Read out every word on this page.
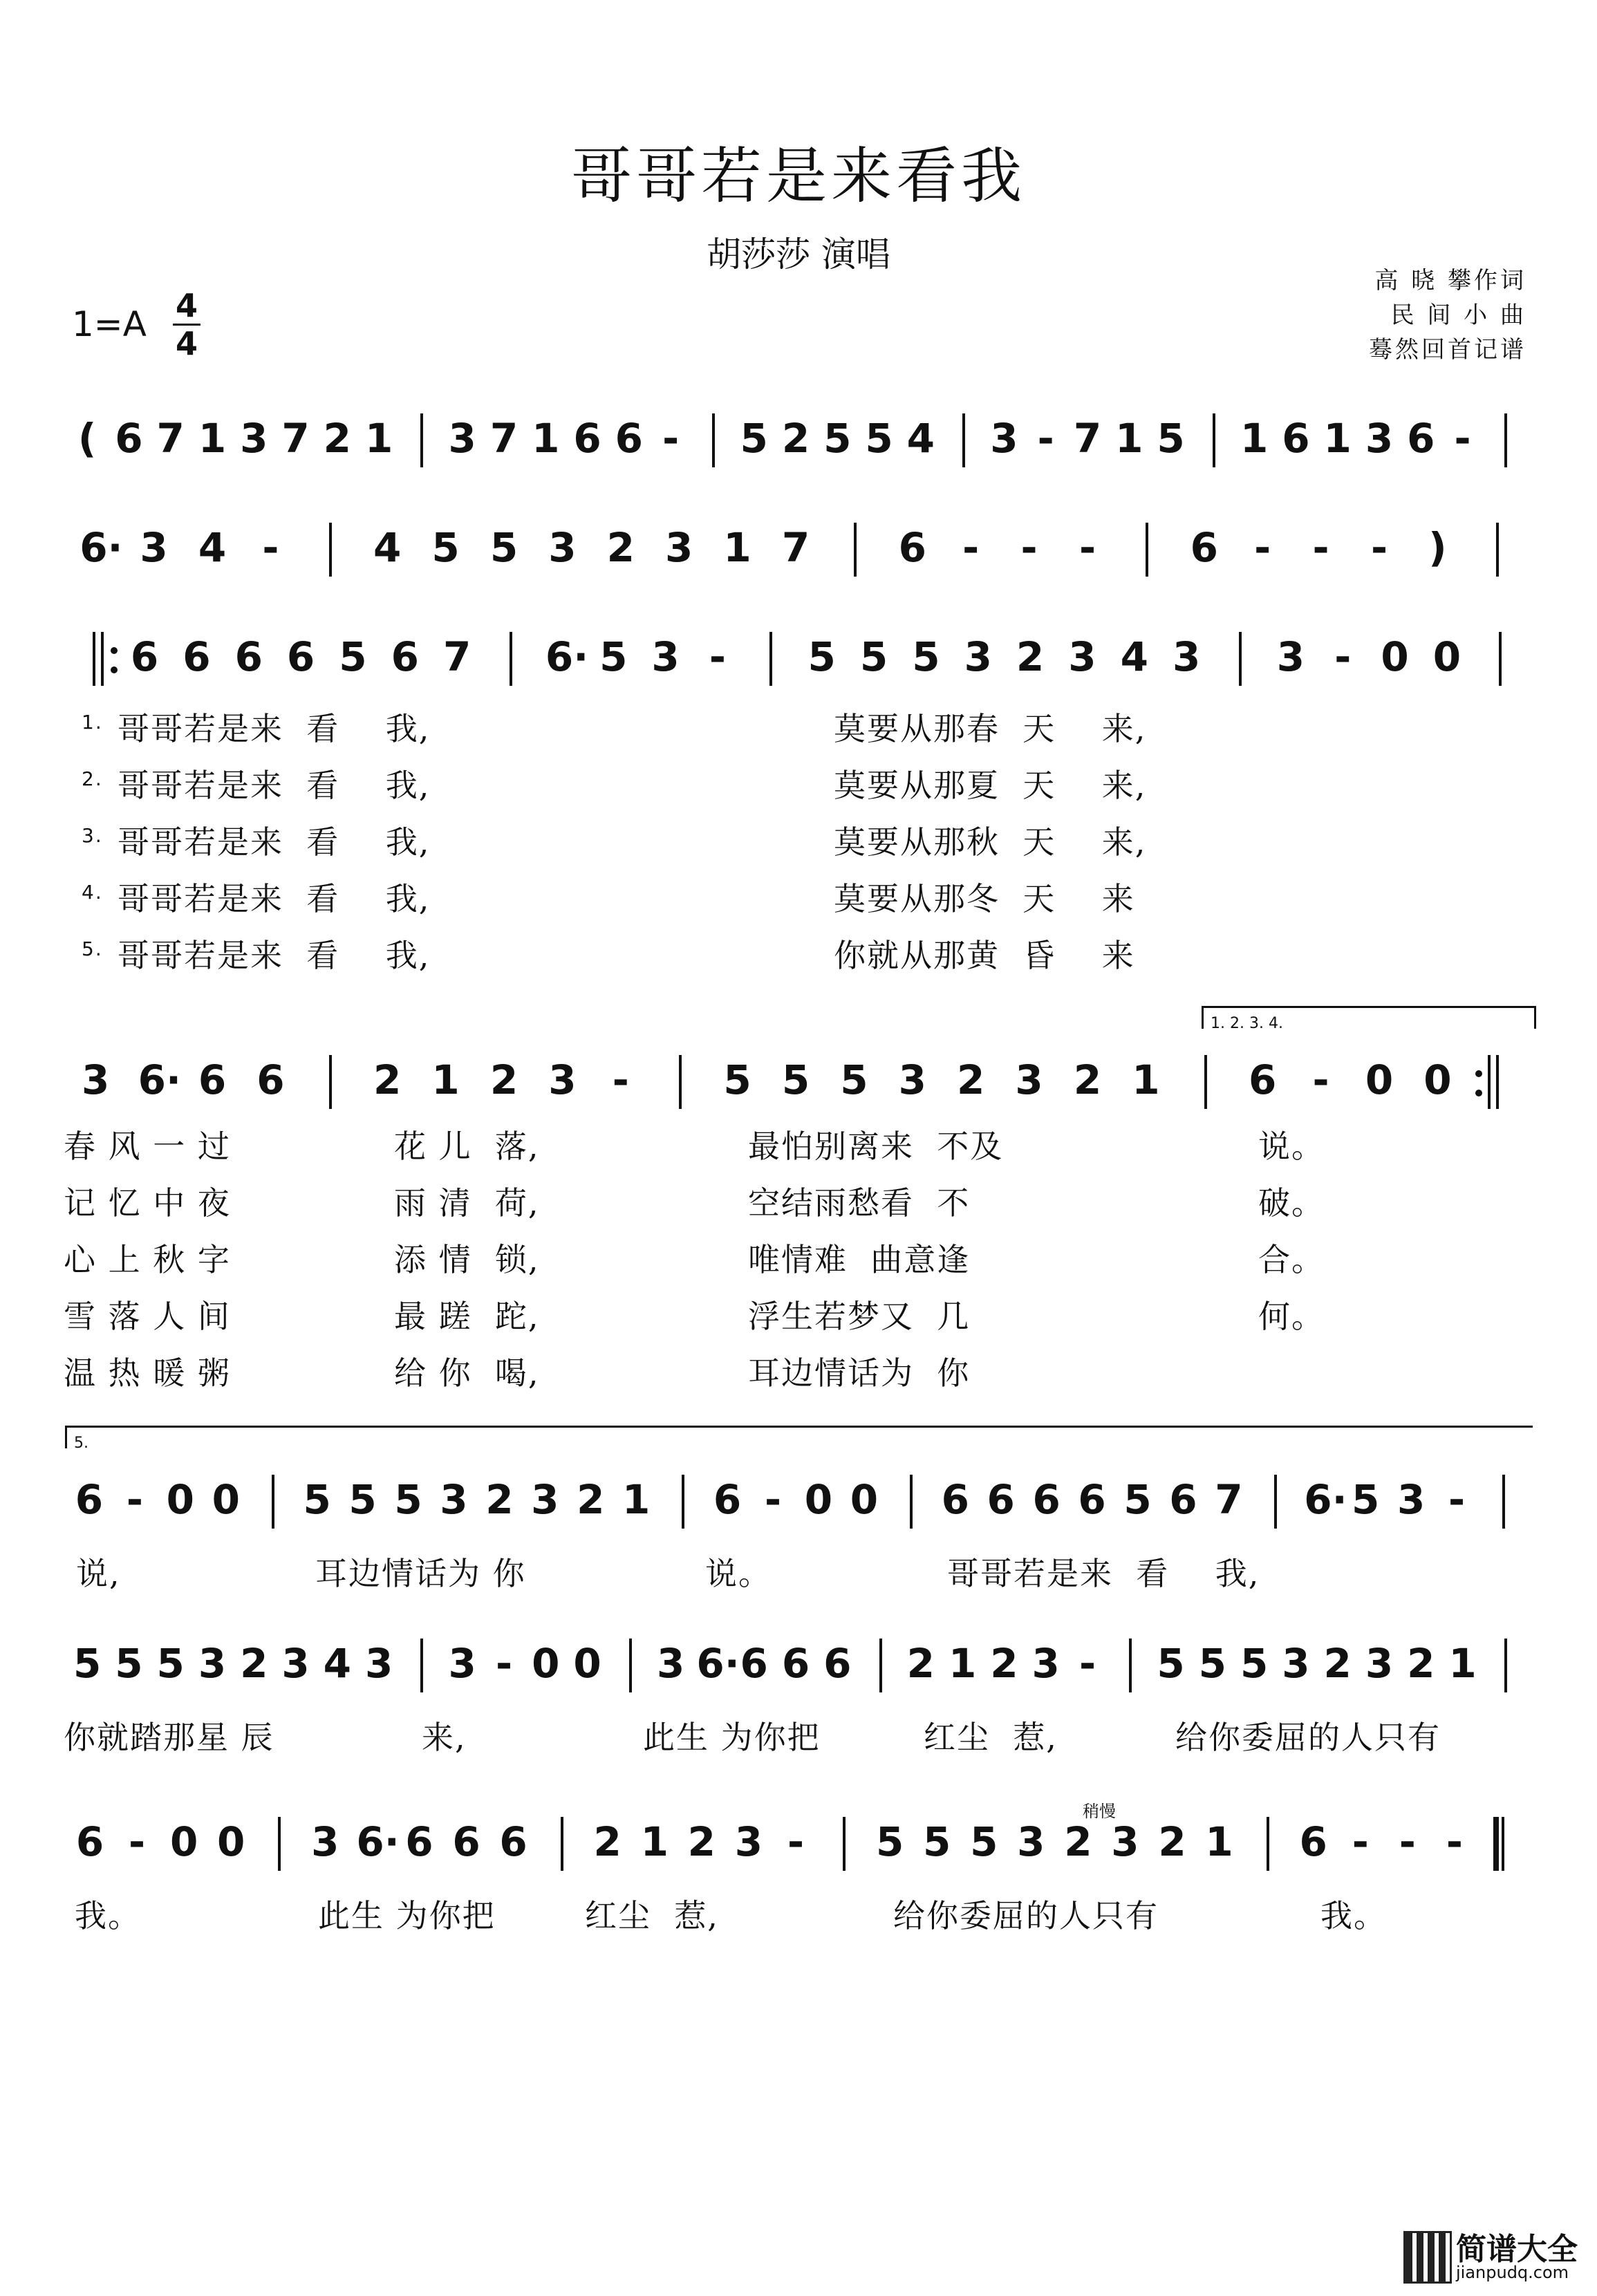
哥哥若是来看我
胡莎莎 演唱
高 晓 攀作词
民 间 小 曲
蓦然回首记谱
1=A 4
4
( 6 7 1 3 7 2 1 3 7 1 6 6 - 5 2 5 5 4 3 - 7 1 5 1 6 1 3 6 -
6· 3 4 - 4 5 5 3 2 3 1 7 6 - - - 6 - - - )
6 6 6 6 5 6 7 6· 5 3 - 5 5 5 3 2 3 4 3 3 - 0 0
3 6· 6 6 2 1 2 3 - 5 5 5 3 2 3 2 1 6 - 0 0
6 - 0 0 5 5 5 3 2 3 2 1 6 - 0 0 6 6 6 6 5 6 7 6· 5 3 -
5 5 5 3 2 3 4 3 3 - 0 0 3 6· 6 6 6 2 1 2 3 - 5 5 5 3 2 3 2 1
6 - 0 0 3 6· 6 6 6 2 1 2 3 - 5 5 5 3 2 3 2 1 6 - - -
1. 2. 3. 4.
5.
稍慢
1. 哥哥若是来  看    我,	莫要从那春  天    来,
2. 哥哥若是来  看    我,	莫要从那夏  天    来,
3. 哥哥若是来  看    我,	莫要从那秋  天    来,
4. 哥哥若是来  看    我,	莫要从那冬  天    来
5. 哥哥若是来  看    我,	你就从那黄  昏    来
春 风 一 过	花 儿  落,	最怕别离来  不及	说。
记 忆 中 夜	雨 清  荷,	空结雨愁看  不	破。
心 上 秋 字	添 情  锁,	唯情难  曲意逢	合。
雪 落 人 间	最 蹉  跎,	浮生若梦又  几	何。
温 热 暖 粥	给 你  喝,	耳边情话为  你
说,	耳边情话为 你	说。	哥哥若是来  看    我,
你就踏那星 辰	来,	此生 为你把	红尘  惹,	给你委屈的人只有
我。	此生 为你把	红尘  惹,	给你委屈的人只有	我。
简谱大全
jianpudq.com
